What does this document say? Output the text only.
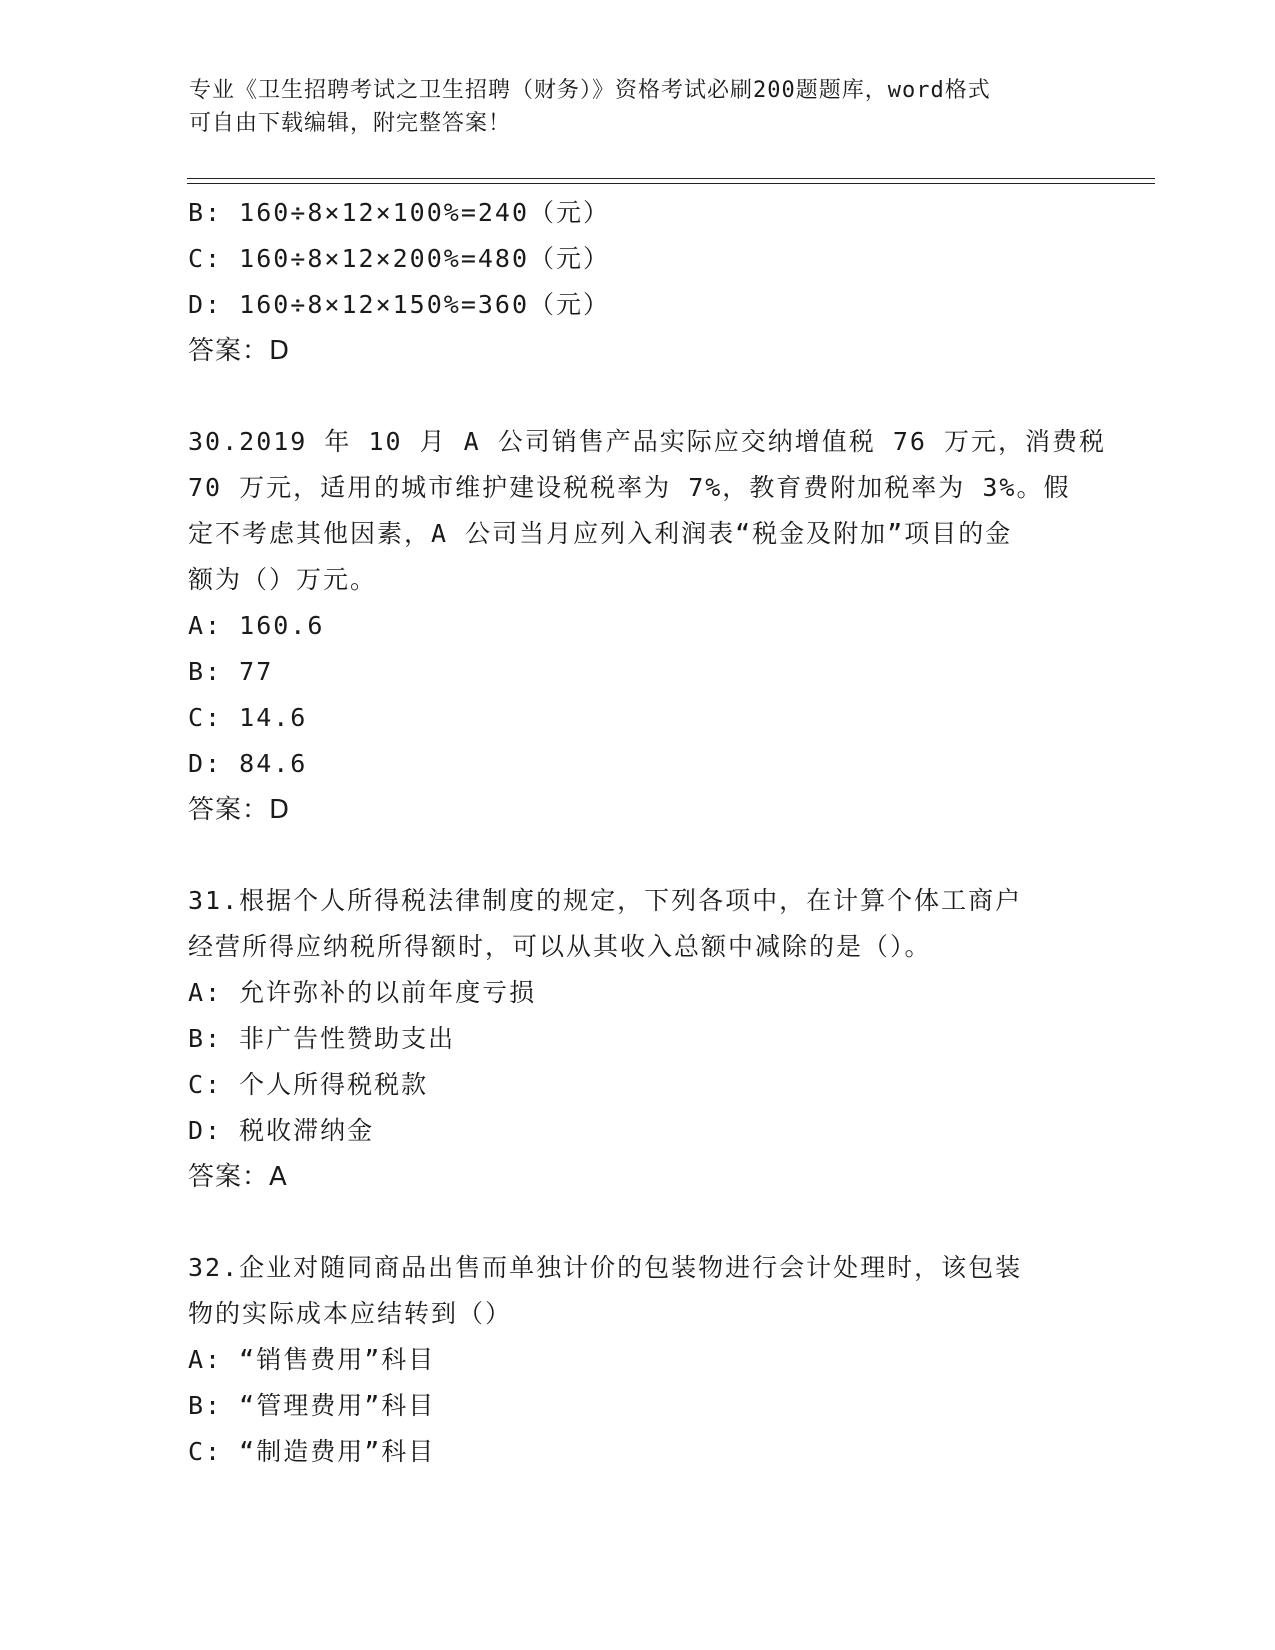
专业《卫生招聘考试之卫生招聘（财务）》资格考试必刷200题题库，word格式
可自由下载编辑，附完整答案！
B: 160÷8×12×100%=240（元）
C: 160÷8×12×200%=480（元）
D: 160÷8×12×150%=360（元）
答案：D
30.2019 年 10 月 A 公司销售产品实际应交纳增值税 76 万元，消费税
70 万元，适用的城市维护建设税税率为 7%，教育费附加税率为 3%。假
定不考虑其他因素，A 公司当月应列入利润表“税金及附加”项目的金
额为（）万元。
A: 160.6
B: 77
C: 14.6
D: 84.6
答案：D
31.根据个人所得税法律制度的规定，下列各项中，在计算个体工商户
经营所得应纳税所得额时，可以从其收入总额中减除的是（）。
A: 允许弥补的以前年度亏损
B: 非广告性赞助支出
C: 个人所得税税款
D: 税收滞纳金
答案：A
32.企业对随同商品出售而单独计价的包装物进行会计处理时，该包装
物的实际成本应结转到（）
A: “销售费用”科目
B: “管理费用”科目
C: “制造费用”科目
